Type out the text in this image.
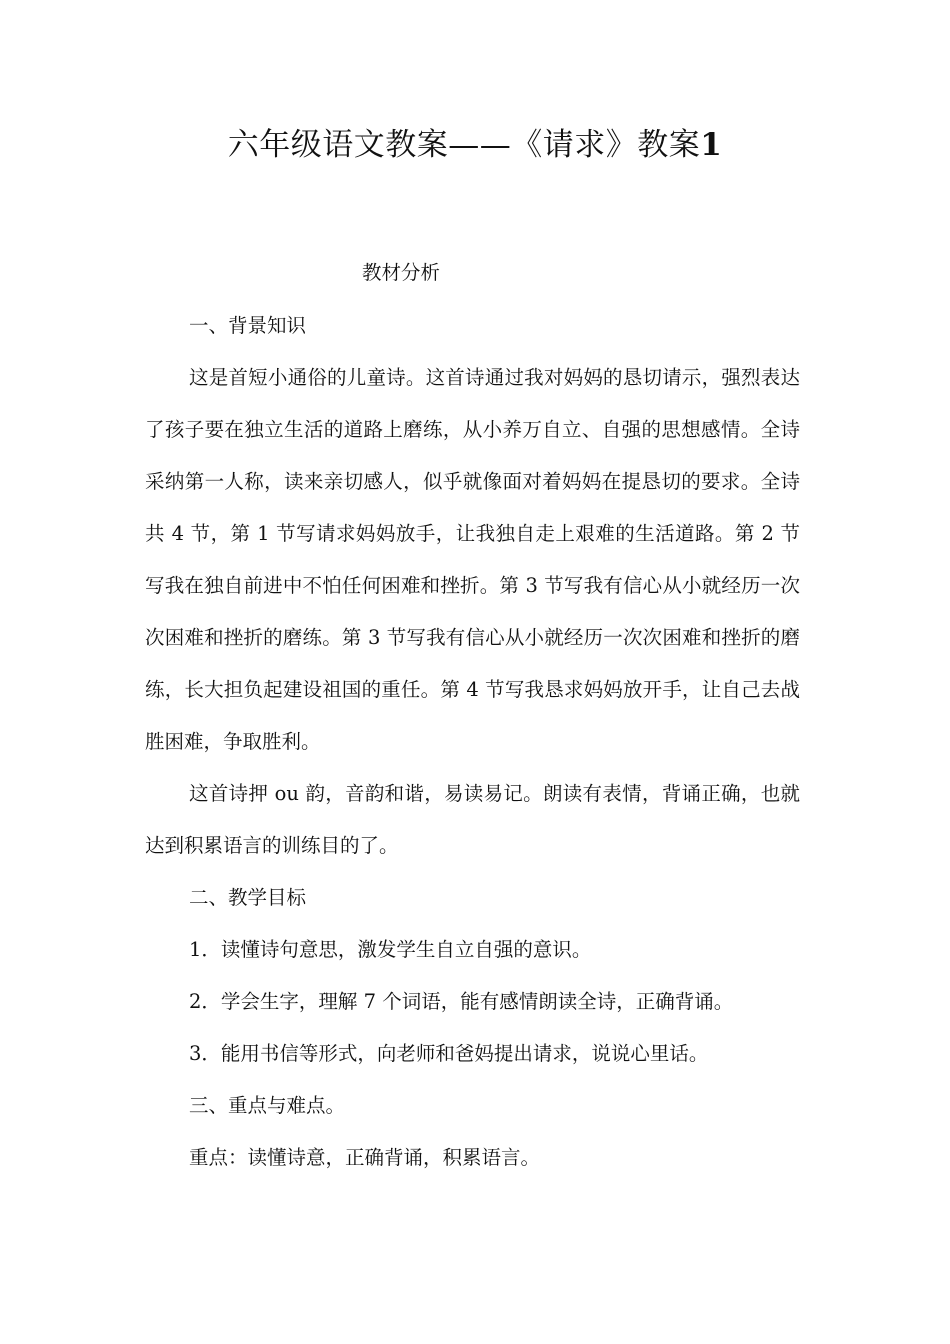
六年级语文教案——《请求》教案1

教材分析

一、背景知识

这是首短小通俗的儿童诗。这首诗通过我对妈妈的恳切请示，强烈表达了孩子要在独立生活的道路上磨练，从小养万自立、自强的思想感情。全诗采纳第一人称，读来亲切感人，似乎就像面对着妈妈在提恳切的要求。全诗共 4 节，第 1 节写请求妈妈放手，让我独自走上艰难的生活道路。第 2 节写我在独自前进中不怕任何困难和挫折。第 3 节写我有信心从小就经历一次次困难和挫折的磨练。第 3 节写我有信心从小就经历一次次困难和挫折的磨练，长大担负起建设祖国的重任。第 4 节写我恳求妈妈放开手，让自己去战胜困难，争取胜利。

这首诗押 ou 韵，音韵和谐，易读易记。朗读有表情，背诵正确，也就达到积累语言的训练目的了。

二、教学目标

1．读懂诗句意思，激发学生自立自强的意识。

2．学会生字，理解 7 个词语，能有感情朗读全诗，正确背诵。

3．能用书信等形式，向老师和爸妈提出请求，说说心里话。

三、重点与难点。

重点：读懂诗意，正确背诵，积累语言。
